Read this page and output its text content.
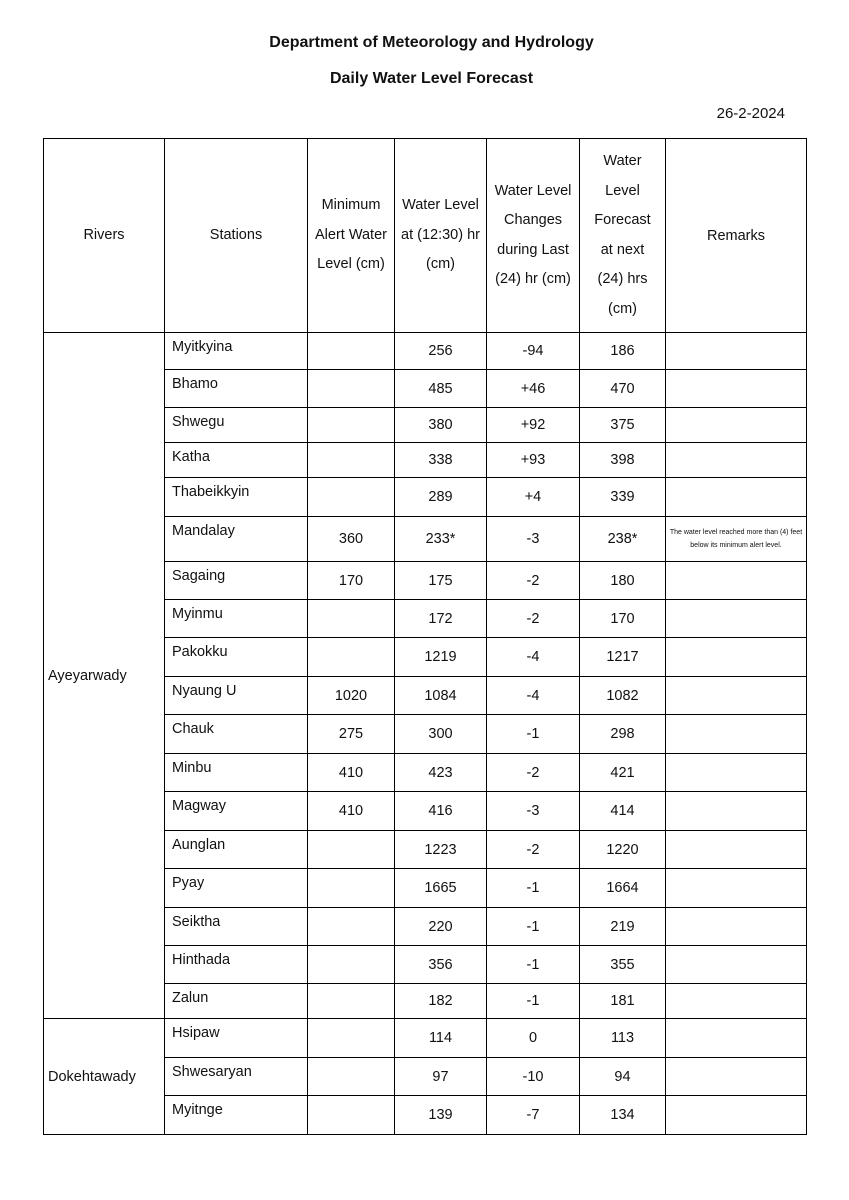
Department of Meteorology and Hydrology
Daily Water Level Forecast
26-2-2024
Rivers	Stations	Minimum Alert Water Level (cm)	Water Level at (12:30) hr (cm)	Water Level Changes during Last (24) hr (cm)	Water Level Forecast at next (24) hrs (cm)	Remarks
Ayeyarwady	Myitkyina		256	-94	186	
	Bhamo		485	+46	470	
	Shwegu		380	+92	375	
	Katha		338	+93	398	
	Thabeikkyin		289	+4	339	
	Mandalay	360	233*	-3	238*	The water level reached more than (4) feet below its minimum alert level.
	Sagaing	170	175	-2	180	
	Myinmu		172	-2	170	
	Pakokku		1219	-4	1217	
	Nyaung U	1020	1084	-4	1082	
	Chauk	275	300	-1	298	
	Minbu	410	423	-2	421	
	Magway	410	416	-3	414	
	Aunglan		1223	-2	1220	
	Pyay		1665	-1	1664	
	Seiktha		220	-1	219	
	Hinthada		356	-1	355	
	Zalun		182	-1	181	
Dokehtawady	Hsipaw		114	0	113	
	Shwesaryan		97	-10	94	
	Myitnge		139	-7	134	
